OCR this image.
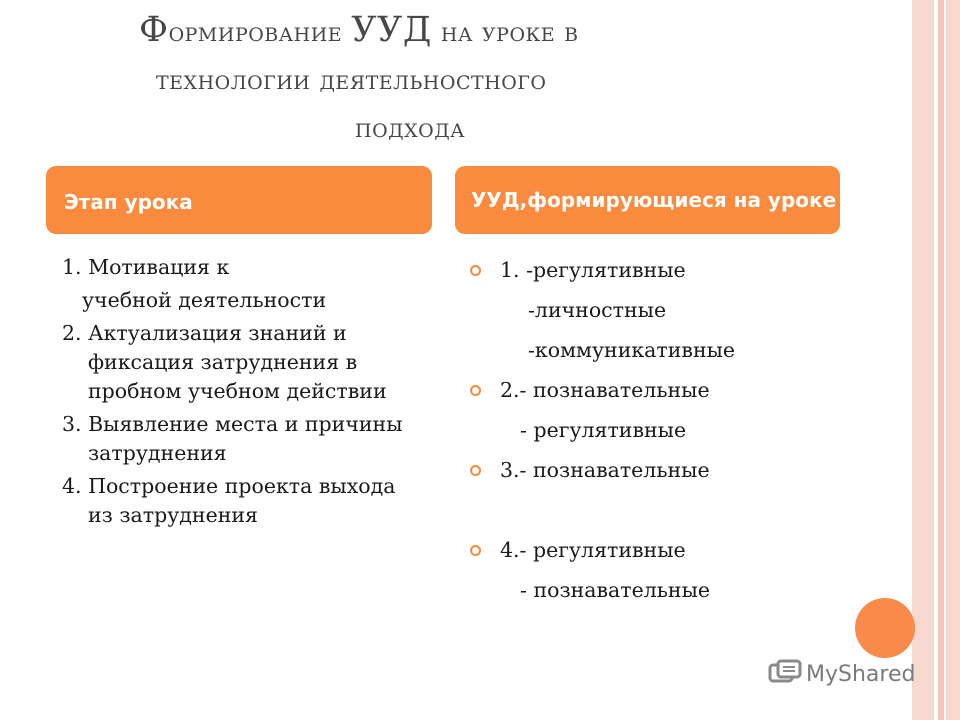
Формирование УУД на уроке в
технологии деятельностного
подхода
Этап урока	УУД,формирующиеся на уроке
1. Мотивация к
учебной деятельности
2. Актуализация знаний и фиксация затруднения в пробном учебном действии
3. Выявление места и причины затруднения
4. Построение проекта выхода из затруднения
1. -регулятивные
-личностные
-коммуникативные
2.- познавательные
- регулятивные
3.- познавательные
4.- регулятивные
- познавательные
MyShared
